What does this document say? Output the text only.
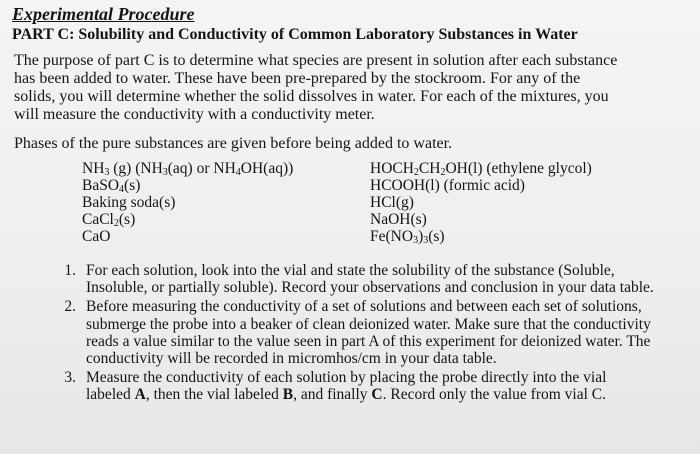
Experimental Procedure
PART C: Solubility and Conductivity of Common Laboratory Substances in Water
The purpose of part C is to determine what species are present in solution after each substance
has been added to water. These have been pre-prepared by the stockroom. For any of the
solids, you will determine whether the solid dissolves in water. For each of the mixtures, you
will measure the conductivity with a conductivity meter.
Phases of the pure substances are given before being added to water.
$NH_3$ (g) ($NH_3(aq)$ or $NH_4OH(aq)$)
BaSO$_4$(s)
Baking soda(s)
CaCl$_2$(s)
CaO
$HOCH_2CH_2OH(l)$ (ethylene glycol)
HCOOH(l) (formic acid)
HCl(g)
NaOH(s)
$Fe(NO_3)_3(s)$
1. For each solution, look into the vial and state the solubility of the substance (Soluble, Insoluble, or partially soluble). Record your observations and conclusion in your data table.
2. Before measuring the conductivity of a set of solutions and between each set of solutions, submerge the probe into a beaker of clean deionized water. Make sure that the conductivity reads a value similar to the value seen in part A of this experiment for deionized water. The conductivity will be recorded in micromhos/cm in your data table.
3. Measure the conductivity of each solution by placing the probe directly into the vial labeled A, then the vial labeled B, and finally C. Record only the value from vial C.
